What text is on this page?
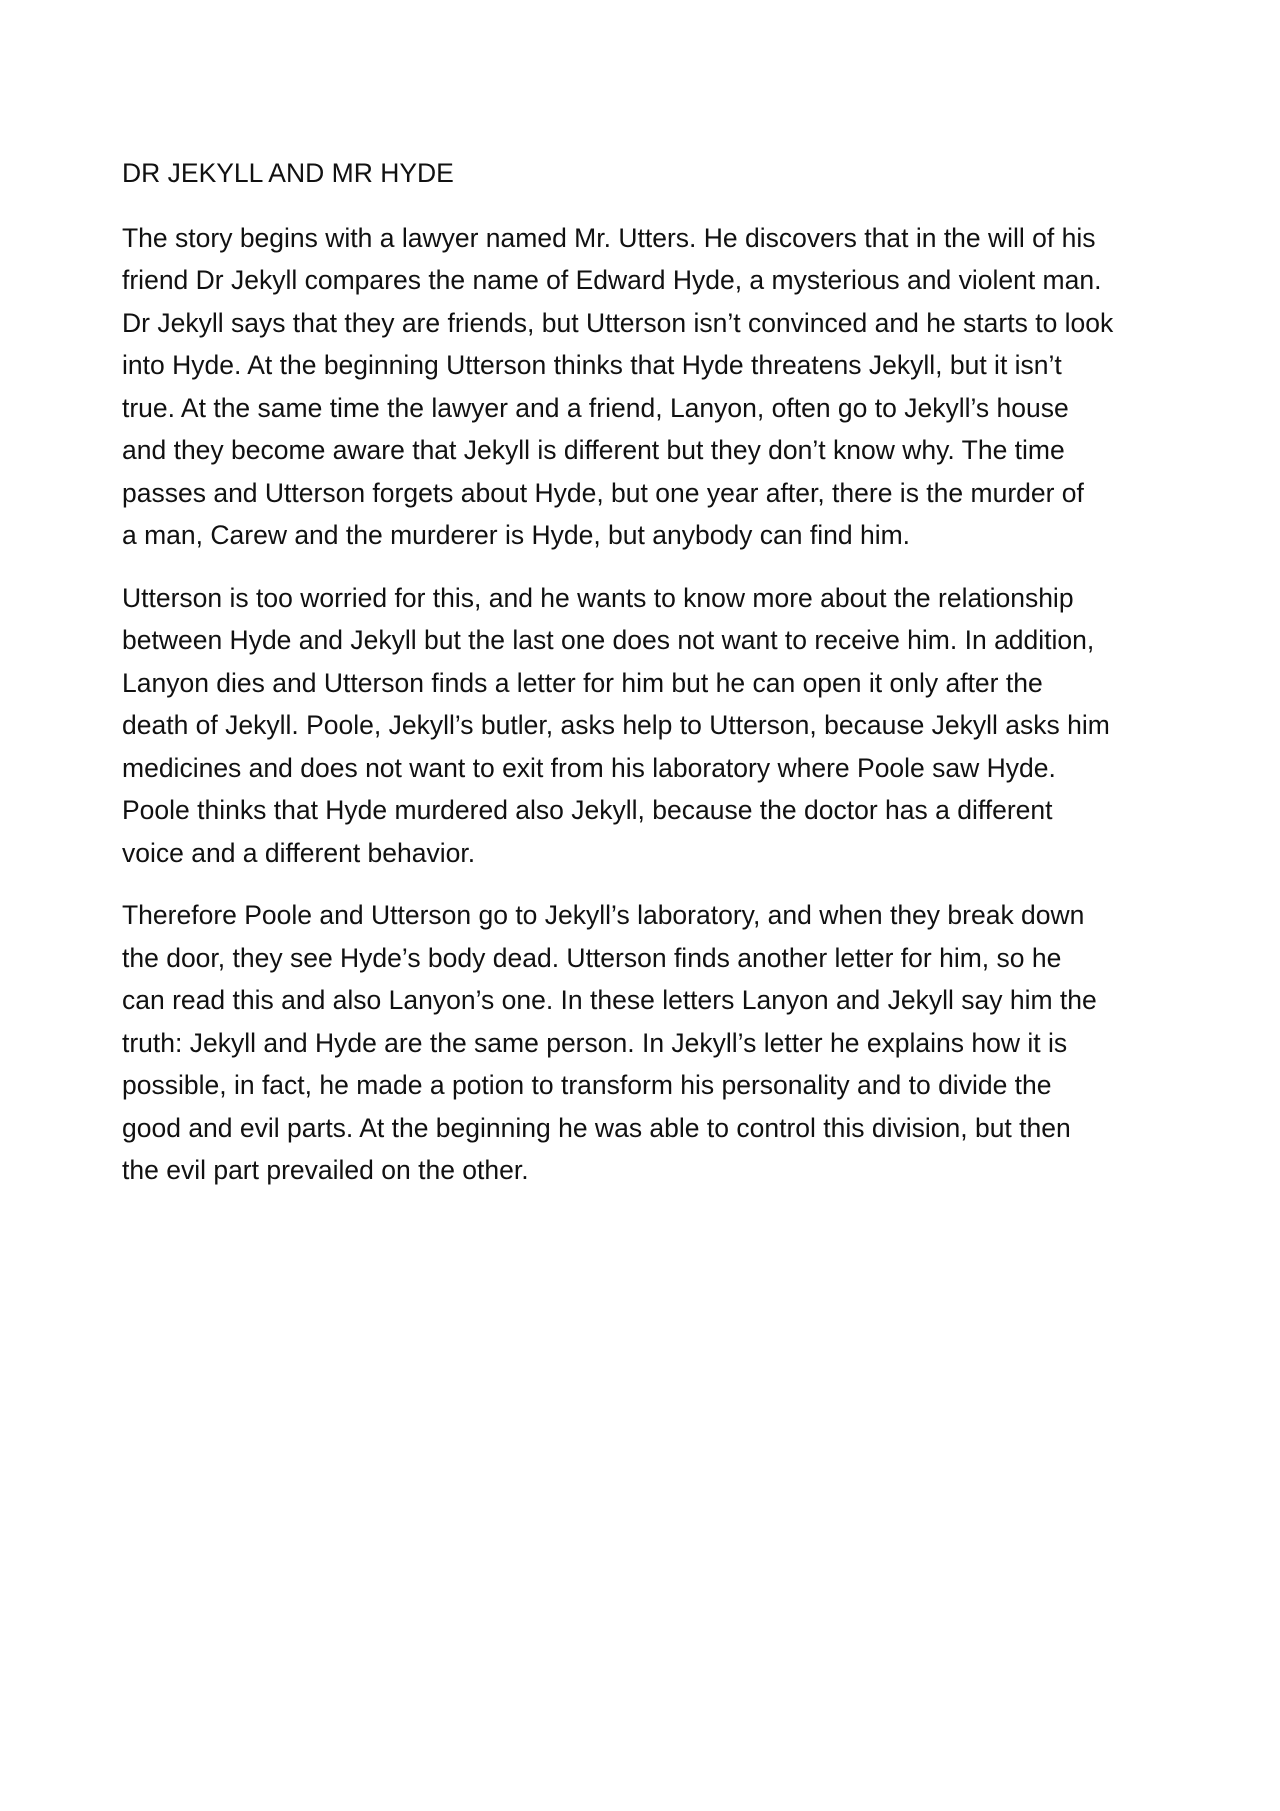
DR JEKYLL AND MR HYDE

The story begins with a lawyer named Mr. Utters. He discovers that in the will of his
friend Dr Jekyll compares the name of Edward Hyde, a mysterious and violent man.
Dr Jekyll says that they are friends, but Utterson isn’t convinced and he starts to look
into Hyde. At the beginning Utterson thinks that Hyde threatens Jekyll, but it isn’t
true. At the same time the lawyer and a friend, Lanyon, often go to Jekyll’s house
and they become aware that Jekyll is different but they don’t know why. The time
passes and Utterson forgets about Hyde, but one year after, there is the murder of
a man, Carew and the murderer is Hyde, but anybody can find him.

Utterson is too worried for this, and he wants to know more about the relationship
between Hyde and Jekyll but the last one does not want to receive him. In addition,
Lanyon dies and Utterson finds a letter for him but he can open it only after the
death of Jekyll. Poole, Jekyll’s butler, asks help to Utterson, because Jekyll asks him
medicines and does not want to exit from his laboratory where Poole saw Hyde.
Poole thinks that Hyde murdered also Jekyll, because the doctor has a different
voice and a different behavior.

Therefore Poole and Utterson go to Jekyll’s laboratory, and when they break down
the door, they see Hyde’s body dead. Utterson finds another letter for him, so he
can read this and also Lanyon’s one. In these letters Lanyon and Jekyll say him the
truth: Jekyll and Hyde are the same person. In Jekyll’s letter he explains how it is
possible, in fact, he made a potion to transform his personality and to divide the
good and evil parts. At the beginning he was able to control this division, but then
the evil part prevailed on the other.
